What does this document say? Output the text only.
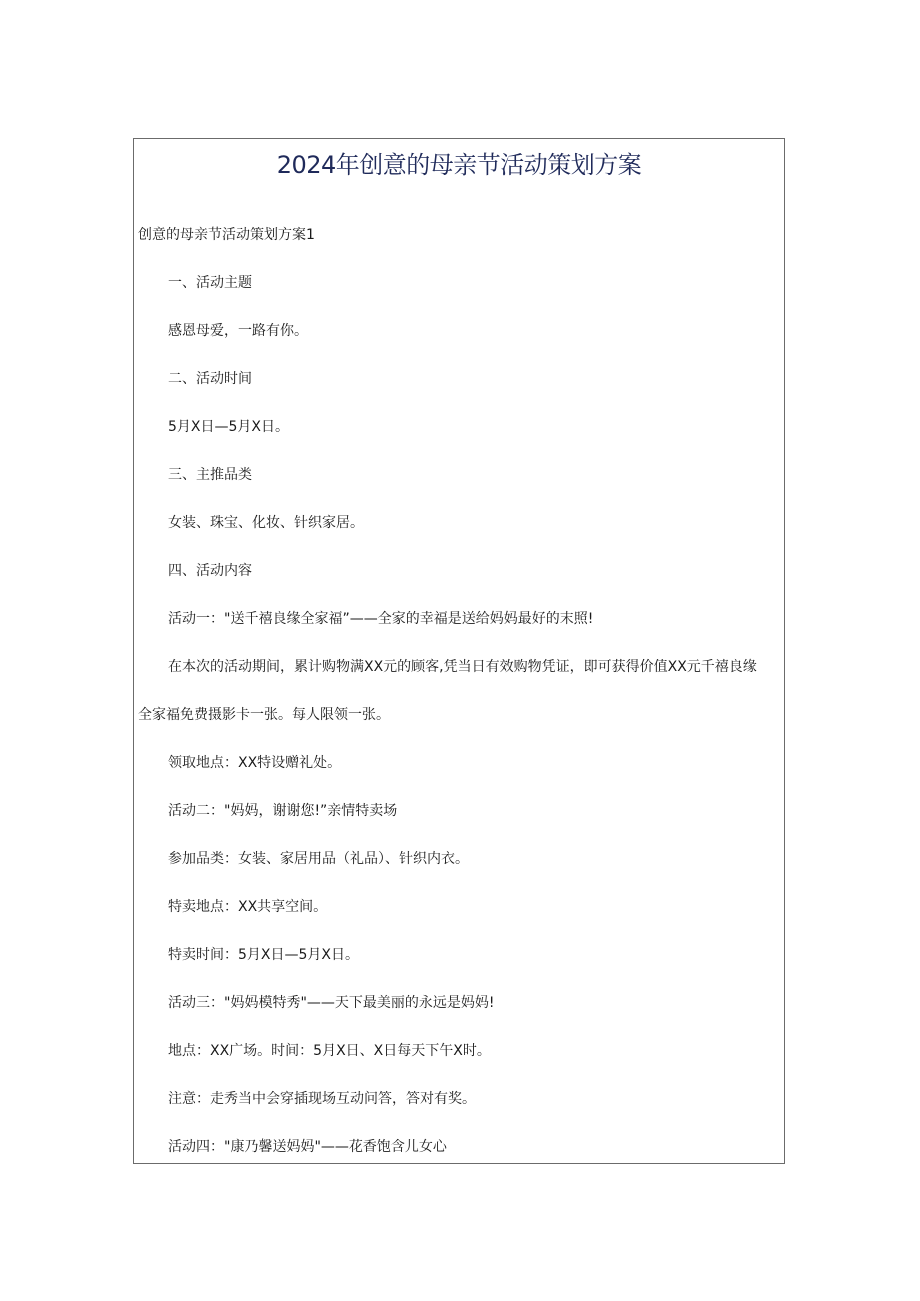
2024年创意的母亲节活动策划方案
创意的母亲节活动策划方案1
一、活动主题
感恩母爱，一路有你。
二、活动时间
5月X日—5月X日。
三、主推品类
女装、珠宝、化妆、针织家居。
四、活动内容
活动一："送千禧良缘全家福”——全家的幸福是送给妈妈最好的末照!
在本次的活动期间，累计购物满XX元的顾客,凭当日有效购物凭证，即可获得价值XX元千禧良缘
全家福免费摄影卡一张。每人限领一张。
领取地点：XX特设赠礼处。
活动二："妈妈，谢谢您!”亲情特卖场
参加品类：女装、家居用品（礼品）、针织内衣。
特卖地点：XX共享空间。
特卖时间：5月X日—5月X日。
活动三："妈妈模特秀"——天下最美丽的永远是妈妈!
地点：XX广场。时间：5月X日、X日每天下午X时。
注意：走秀当中会穿插现场互动问答，答对有奖。
活动四："康乃馨送妈妈"——花香饱含儿女心
